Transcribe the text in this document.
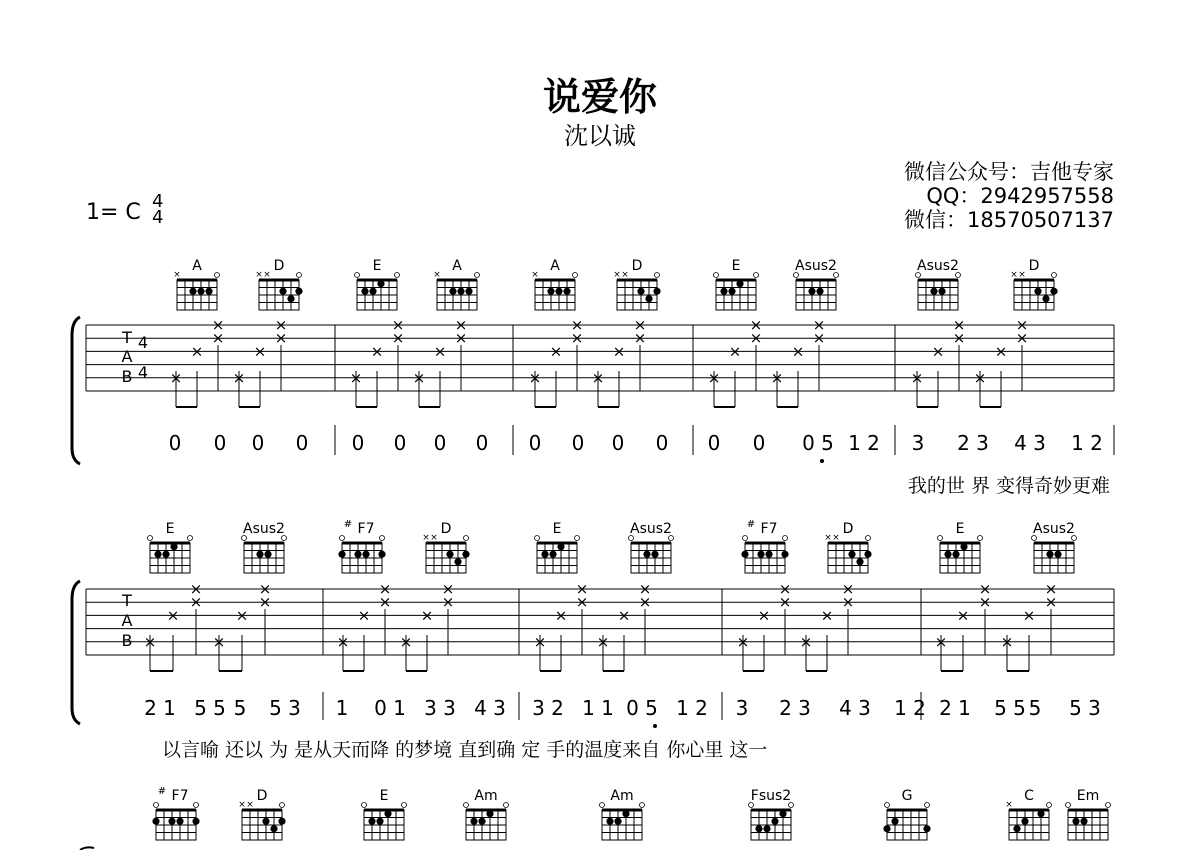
说爱你
沈以诚
微信公众号：吉他专家
QQ：2942957558
微信：18570507137
1= C 4
4
A
×
D
× ×
E	A
×
A
×
D
× ×
E	Asus2	Asus2	D
× ×
T
A
B
4
4 ×
×
×
×
×
×
×
×
×
×
×
×
×
×
×
×
×
×
×
×
×
×
×
×
×
×
×
×
×
×
×
×
×
×
×
×
×
×
×
×
0 0 0 0 0 0 0 0 0 0 0 0 0 0 0 5 1 2 3 2 3 4 3 1 2
我的世 界 变得奇妙更难
E	Asus2	F7
#	D
× ×
E	Asus2	F7
#	D
× ×
E	Asus2
T
A
B ×
×
×
×
×
×
×
×
×
×
×
×
×
×
×
×
×
×
×
×
×
×
×
×
×
×
×
×
×
×
×
×
×
×
×
×
×
×
×
×
2 1 5 5 5 5 3 1 0 1 3 3 4 3 3 2 1 1 0 5 1 2 3 2 3 4 3 1 2 2 1 5 5 5 5 3
以言喻 还以 为 是从天而降 的梦境 直到确 定 手的温度来自 你心里 这一
F7
#	D
× ×
E	Am	Am	Fsus2	G	C
×
Em
